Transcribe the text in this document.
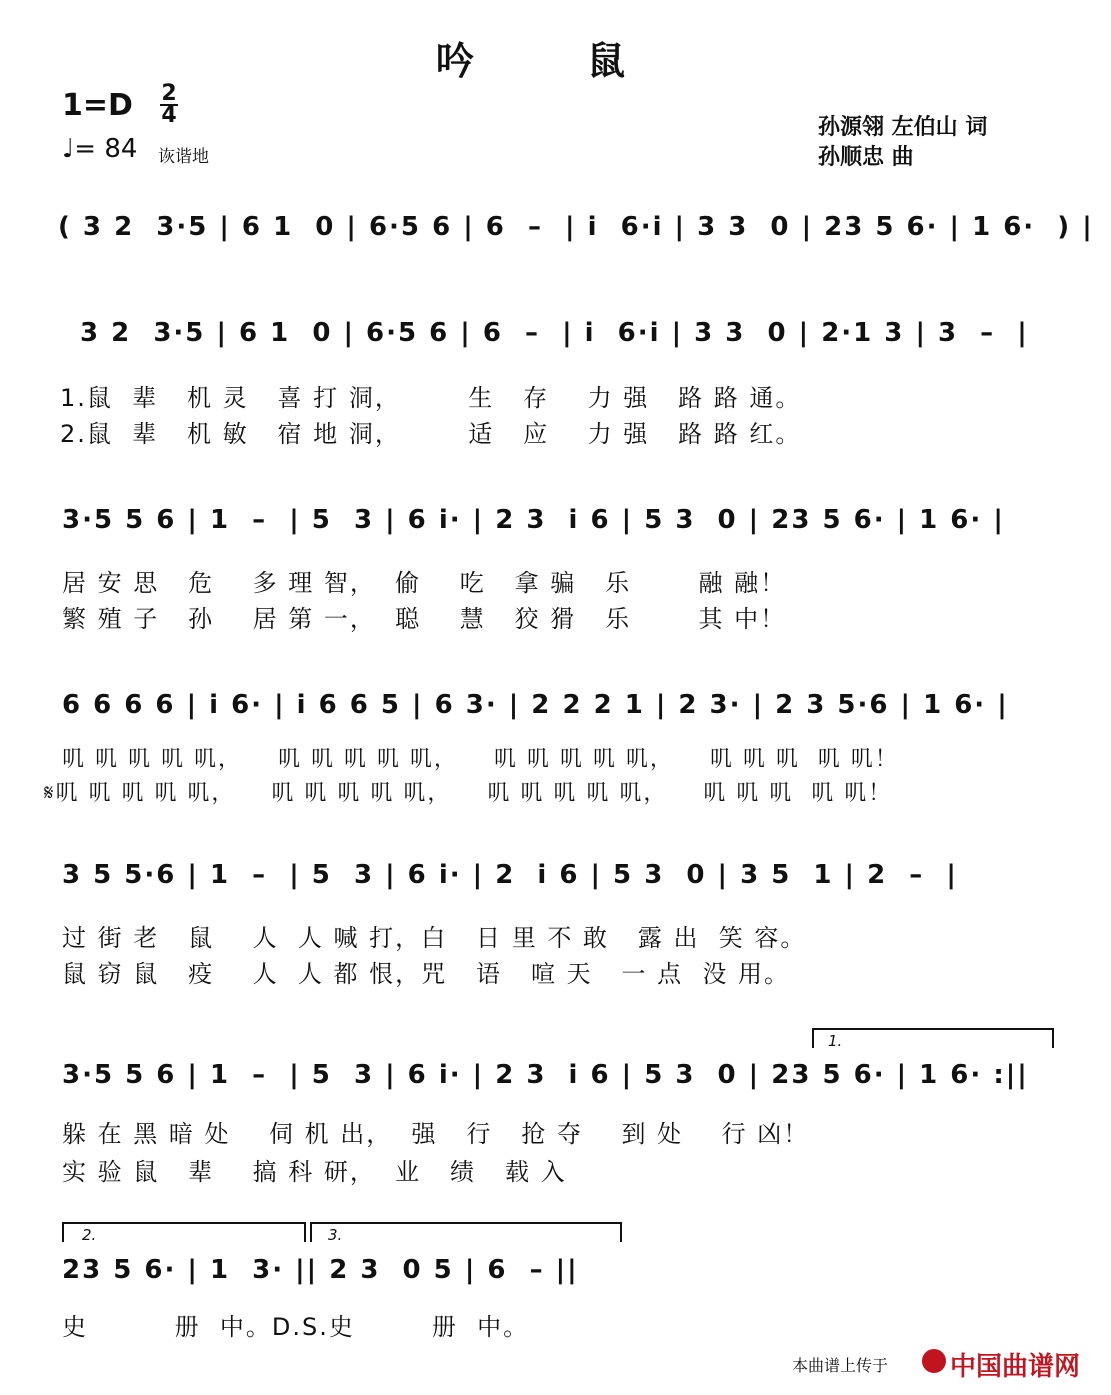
吟 鼠
1=D 2
4
♩= 84 诙谐地
孙源翎 左伯山 词
孙顺忠 曲
( 3 2  3·5 | 6 1  0 | 6·5 6 | 6  –  | i  6·i | 3 3  0 | 23 5 6· | 1 6·  ) |
3 2  3·5 | 6 1  0 | 6·5 6 | 6  –  | i  6·i | 3 3  0 | 2·1 3 | 3  –  |
1.鼠  辈   机 灵   喜 打 洞，       生   存    力 强   路 路 通。
2.鼠  辈   机 敏   宿 地 洞，       适   应    力 强   路 路 红。
3·5 5 6 | 1  –  | 5  3 | 6 i· | 2 3  i 6 | 5 3  0 | 23 5 6· | 1 6· |
居 安 思   危    多 理 智，  偷    吃   拿 骗   乐       融 融！
繁 殖 子   孙    居 第 一，  聪    慧   狡 猾   乐       其 中！
6 6 6 6 | i 6· | i 6 6 5 | 6 3· | 2 2 2 1 | 2 3· | 2 3 5·6 | 1 6· |
叽 叽 叽 叽 叽，    叽 叽 叽 叽 叽，    叽 叽 叽 叽 叽，    叽 叽 叽  叽 叽！
𝄋叽 叽 叽 叽 叽，    叽 叽 叽 叽 叽，    叽 叽 叽 叽 叽，    叽 叽 叽  叽 叽！
3 5 5·6 | 1  –  | 5  3 | 6 i· | 2  i 6 | 5 3  0 | 3 5  1 | 2  –  |
过 街 老   鼠    人  人 喊 打，白   日 里 不 敢   露 出  笑 容。
鼠 窃 鼠   疫    人  人 都 恨，咒   语   喧 天   一 点  没 用。
1.
3·5 5 6 | 1  –  | 5  3 | 6 i· | 2 3  i 6 | 5 3  0 | 23 5 6· | 1 6· :||
躲 在 黑 暗 处    伺 机 出，  强   行   抢 夺    到 处    行 凶！
实 验 鼠   辈    搞 科 研，  业   绩   载 入
2.	3.
23 5 6· | 1  3· || 2 3  0 5 | 6  – ||
史         册  中。D.S.史        册  中。
本曲谱上传于 中国曲谱网
